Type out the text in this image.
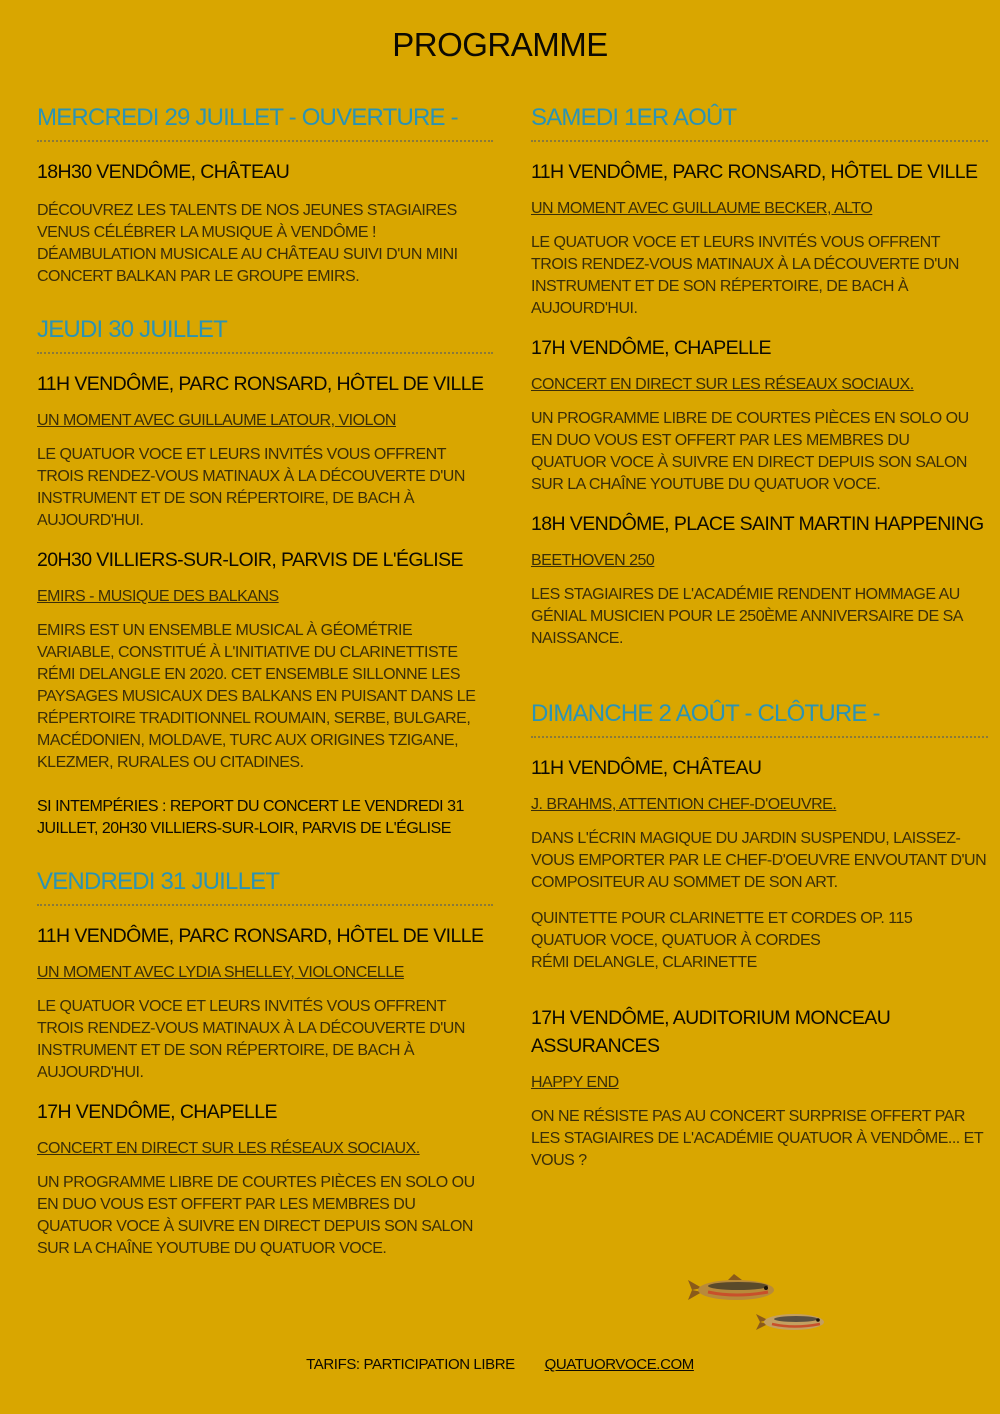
PROGRAMME
MERCREDI 29 JUILLET - OUVERTURE -
18H30 VENDÔME, CHÂTEAU
DÉCOUVREZ LES TALENTS DE NOS JEUNES STAGIAIRES VENUS CÉLÉBRER LA MUSIQUE À VENDÔME ! DÉAMBULATION MUSICALE AU CHÂTEAU SUIVI D'UN MINI CONCERT BALKAN PAR LE GROUPE EMIRS.
JEUDI 30 JUILLET
11H VENDÔME, PARC RONSARD, HÔTEL DE VILLE
UN MOMENT AVEC GUILLAUME LATOUR, VIOLON
LE QUATUOR VOCE ET LEURS INVITÉS VOUS OFFRENT TROIS RENDEZ-VOUS MATINAUX À LA DÉCOUVERTE D'UN INSTRUMENT ET DE SON RÉPERTOIRE, DE BACH À AUJOURD'HUI.
20H30 VILLIERS-SUR-LOIR, PARVIS DE L'ÉGLISE
EMIRS - MUSIQUE DES BALKANS
EMIRS EST UN ENSEMBLE MUSICAL À GÉOMÉTRIE VARIABLE, CONSTITUÉ À L'INITIATIVE DU CLARINETTISTE RÉMI DELANGLE EN 2020. CET ENSEMBLE SILLONNE LES PAYSAGES MUSICAUX DES BALKANS EN PUISANT DANS LE RÉPERTOIRE TRADITIONNEL ROUMAIN, SERBE, BULGARE, MACÉDONIEN, MOLDAVE, TURC AUX ORIGINES TZIGANE, KLEZMER, RURALES OU CITADINES.
SI INTEMPÉRIES : REPORT DU CONCERT LE VENDREDI 31 JUILLET, 20H30 VILLIERS-SUR-LOIR, PARVIS DE L'ÉGLISE
VENDREDI 31 JUILLET
11H VENDÔME, PARC RONSARD, HÔTEL DE VILLE
UN MOMENT AVEC LYDIA SHELLEY, VIOLONCELLE
LE QUATUOR VOCE ET LEURS INVITÉS VOUS OFFRENT TROIS RENDEZ-VOUS MATINAUX À LA DÉCOUVERTE D'UN INSTRUMENT ET DE SON RÉPERTOIRE, DE BACH À AUJOURD'HUI.
17H VENDÔME, CHAPELLE
CONCERT EN DIRECT SUR LES RÉSEAUX SOCIAUX.
UN PROGRAMME LIBRE DE COURTES PIÈCES EN SOLO OU EN DUO VOUS EST OFFERT PAR LES MEMBRES DU QUATUOR VOCE À SUIVRE EN DIRECT DEPUIS SON SALON SUR LA CHAÎNE YOUTUBE DU QUATUOR VOCE.
SAMEDI 1ER AOÛT
11H VENDÔME, PARC RONSARD, HÔTEL DE VILLE
UN MOMENT AVEC GUILLAUME BECKER, ALTO
LE QUATUOR VOCE ET LEURS INVITÉS VOUS OFFRENT TROIS RENDEZ-VOUS MATINAUX À LA DÉCOUVERTE D'UN INSTRUMENT ET DE SON RÉPERTOIRE, DE BACH À AUJOURD'HUI.
17H VENDÔME, CHAPELLE
CONCERT EN DIRECT SUR LES RÉSEAUX SOCIAUX.
UN PROGRAMME LIBRE DE COURTES PIÈCES EN SOLO OU EN DUO VOUS EST OFFERT PAR LES MEMBRES DU QUATUOR VOCE À SUIVRE EN DIRECT DEPUIS SON SALON SUR LA CHAÎNE YOUTUBE DU QUATUOR VOCE.
18H VENDÔME, PLACE SAINT MARTIN HAPPENING
BEETHOVEN 250
LES STAGIAIRES DE L'ACADÉMIE RENDENT HOMMAGE AU GÉNIAL MUSICIEN POUR LE 250ÈME ANNIVERSAIRE DE SA NAISSANCE.
DIMANCHE 2 AOÛT - CLÔTURE -
11H VENDÔME, CHÂTEAU
J. BRAHMS, ATTENTION CHEF-D'OEUVRE.
DANS L'ÉCRIN MAGIQUE DU JARDIN SUSPENDU, LAISSEZ-VOUS EMPORTER PAR LE CHEF-D'OEUVRE ENVOUTANT D'UN COMPOSITEUR AU SOMMET DE SON ART.
QUINTETTE POUR CLARINETTE ET CORDES OP. 115
QUATUOR VOCE, QUATUOR À CORDES
RÉMI DELANGLE, CLARINETTE
17H VENDÔME, AUDITORIUM MONCEAU ASSURANCES
HAPPY END
ON NE RÉSISTE PAS AU CONCERT SURPRISE OFFERT PAR LES STAGIAIRES DE L'ACADÉMIE QUATUOR À VENDÔME... ET VOUS ?
TARIFS: PARTICIPATION LIBRE QUATUORVOCE.COM
